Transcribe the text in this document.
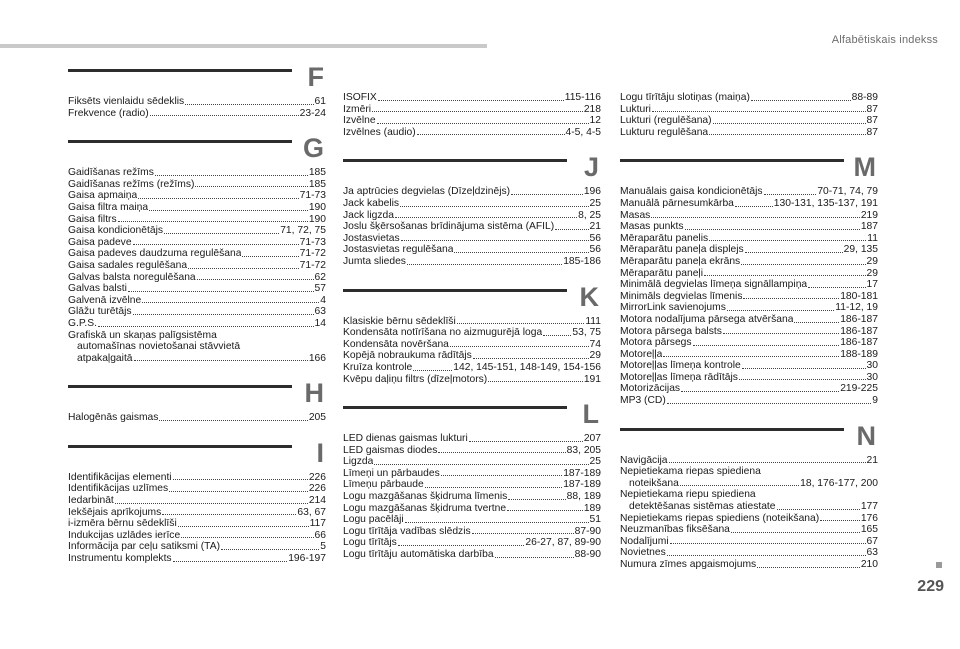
Alfabētiskais indekss
F
Fiksēts vienlaidu sēdeklis	61
Frekvence (radio)	23-24
G
Gaidīšanas režīms	185
Gaidīšanas režīms (režīms)	185
Gaisa apmaiņa	71-73
Gaisa filtra maiņa	190
Gaisa filtrs	190
Gaisa kondicionētājs	71, 72, 75
Gaisa padeve	71-73
Gaisa padeves daudzuma regulēšana	71-72
Gaisa sadales regulēšana	71-72
Galvas balsta noregulēšana	62
Galvas balsti	57
Galvenā izvēlne	4
Glāžu turētājs	63
G.P.S.	14
Grafiskā un skaņas palīgsistēma
automašīnas novietošanai stāvvietā
atpakaļgaitā	166
H
Halogēnās gaismas	205
I
Identifikācijas elementi	226
Identifikācijas uzlīmes	226
Iedarbināt	214
Iekšējais aprīkojums	63, 67
i-izmēra bērnu sēdeklīši	117
Indukcijas uzlādes ierīce	66
Informācija par ceļu satiksmi (TA)	5
Instrumentu komplekts	196-197
ISOFIX	115-116
Izmēri	218
Izvēlne	12
Izvēlnes (audio)	4-5, 4-5
J
Ja aptrūcies degvielas (Dīzeļdzinējs)	196
Jack kabelis	25
Jack ligzda	8, 25
Joslu šķērsošanas brīdinājuma sistēma (AFIL)	21
Jostasvietas	56
Jostasvietas regulēšana	56
Jumta sliedes	185-186
K
Klasiskie bērnu sēdeklīši	111
Kondensāta notīrīšana no aizmugurējā loga	53, 75
Kondensāta novēršana	74
Kopējā nobraukuma rādītājs	29
Kruīza kontrole	142, 145-151, 148-149, 154-156
Kvēpu daļiņu filtrs (dīzeļmotors)	191
L
LED dienas gaismas lukturi	207
LED gaismas diodes	83, 205
Ligzda	25
Līmeņi un pārbaudes	187-189
Līmeņu pārbaude	187-189
Logu mazgāšanas šķidruma līmenis	88, 189
Logu mazgāšanas šķidruma tvertne	189
Logu pacēlāji	51
Logu tīrītāja vadības slēdzis	87-90
Logu tīrītājs	26-27, 87, 89-90
Logu tīrītāju automātiska darbība	88-90
Logu tīrītāju slotiņas (maiņa)	88-89
Lukturi	87
Lukturi (regulēšana)	87
Lukturu regulēšana	87
M
Manuālais gaisa kondicionētājs	70-71, 74, 79
Manuālā pārnesumkārba	130-131, 135-137, 191
Masas	219
Masas punkts	187
Mēraparātu panelis	11
Mēraparātu paneļa displejs	29, 135
Mēraparātu paneļa ekrāns	29
Mēraparātu paneļi	29
Minimālā degvielas līmeņa signāllampiņa	17
Minimāls degvielas līmenis	180-181
MirrorLink savienojums	11-12, 19
Motora nodalījuma pārsega atvēršana	186-187
Motora pārsega balsts	186-187
Motora pārsegs	186-187
Motoreļļa	188-189
Motoreļļas līmeņa kontrole	30
Motoreļļas līmeņa rādītājs	30
Motorizācijas	219-225
MP3 (CD)	9
N
Navigācija	21
Nepietiekama riepas spiediena
noteikšana	18, 176-177, 200
Nepietiekama riepu spiediena
detektēšanas sistēmas atiestate	177
Nepietiekams riepas spiediens (noteikšana)	176
Neuzmanības fiksēšana	165
Nodalījumi	67
Novietnes	63
Numura zīmes apgaismojums	210
229
